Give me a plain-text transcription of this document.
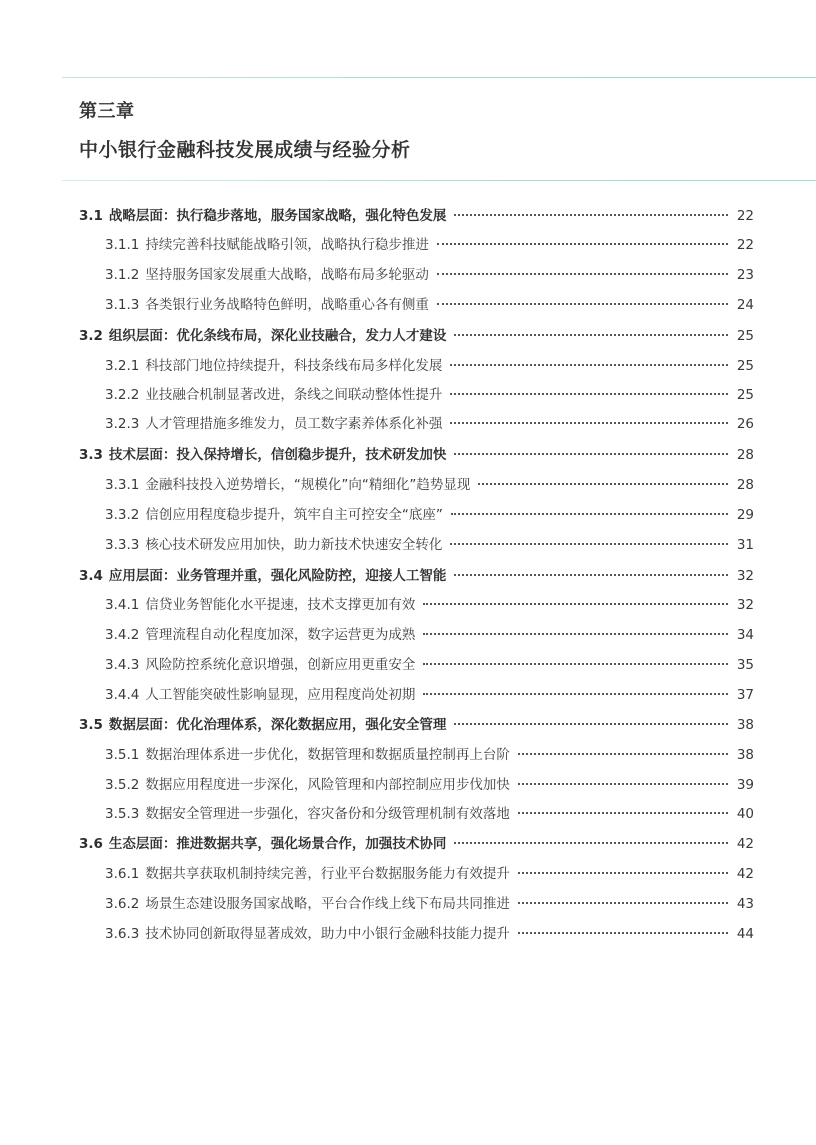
第三章
中小银行金融科技发展成绩与经验分析
3.1 战略层面：执行稳步落地，服务国家战略，强化特色发展	22
3.1.1 持续完善科技赋能战略引领，战略执行稳步推进	22
3.1.2 坚持服务国家发展重大战略，战略布局多轮驱动	23
3.1.3 各类银行业务战略特色鲜明，战略重心各有侧重	24
3.2 组织层面：优化条线布局，深化业技融合，发力人才建设	25
3.2.1 科技部门地位持续提升，科技条线布局多样化发展	25
3.2.2 业技融合机制显著改进，条线之间联动整体性提升	25
3.2.3 人才管理措施多维发力，员工数字素养体系化补强	26
3.3 技术层面：投入保持增长，信创稳步提升，技术研发加快	28
3.3.1 金融科技投入逆势增长，“规模化”向“精细化”趋势显现	28
3.3.2 信创应用程度稳步提升，筑牢自主可控安全“底座”	29
3.3.3 核心技术研发应用加快，助力新技术快速安全转化	31
3.4 应用层面：业务管理并重，强化风险防控，迎接人工智能	32
3.4.1 信贷业务智能化水平提速，技术支撑更加有效	32
3.4.2 管理流程自动化程度加深，数字运营更为成熟	34
3.4.3 风险防控系统化意识增强，创新应用更重安全	35
3.4.4 人工智能突破性影响显现，应用程度尚处初期	37
3.5 数据层面：优化治理体系，深化数据应用，强化安全管理	38
3.5.1 数据治理体系进一步优化，数据管理和数据质量控制再上台阶	38
3.5.2 数据应用程度进一步深化，风险管理和内部控制应用步伐加快	39
3.5.3 数据安全管理进一步强化，容灾备份和分级管理机制有效落地	40
3.6 生态层面：推进数据共享，强化场景合作，加强技术协同	42
3.6.1 数据共享获取机制持续完善，行业平台数据服务能力有效提升	42
3.6.2 场景生态建设服务国家战略，平台合作线上线下布局共同推进	43
3.6.3 技术协同创新取得显著成效，助力中小银行金融科技能力提升	44
